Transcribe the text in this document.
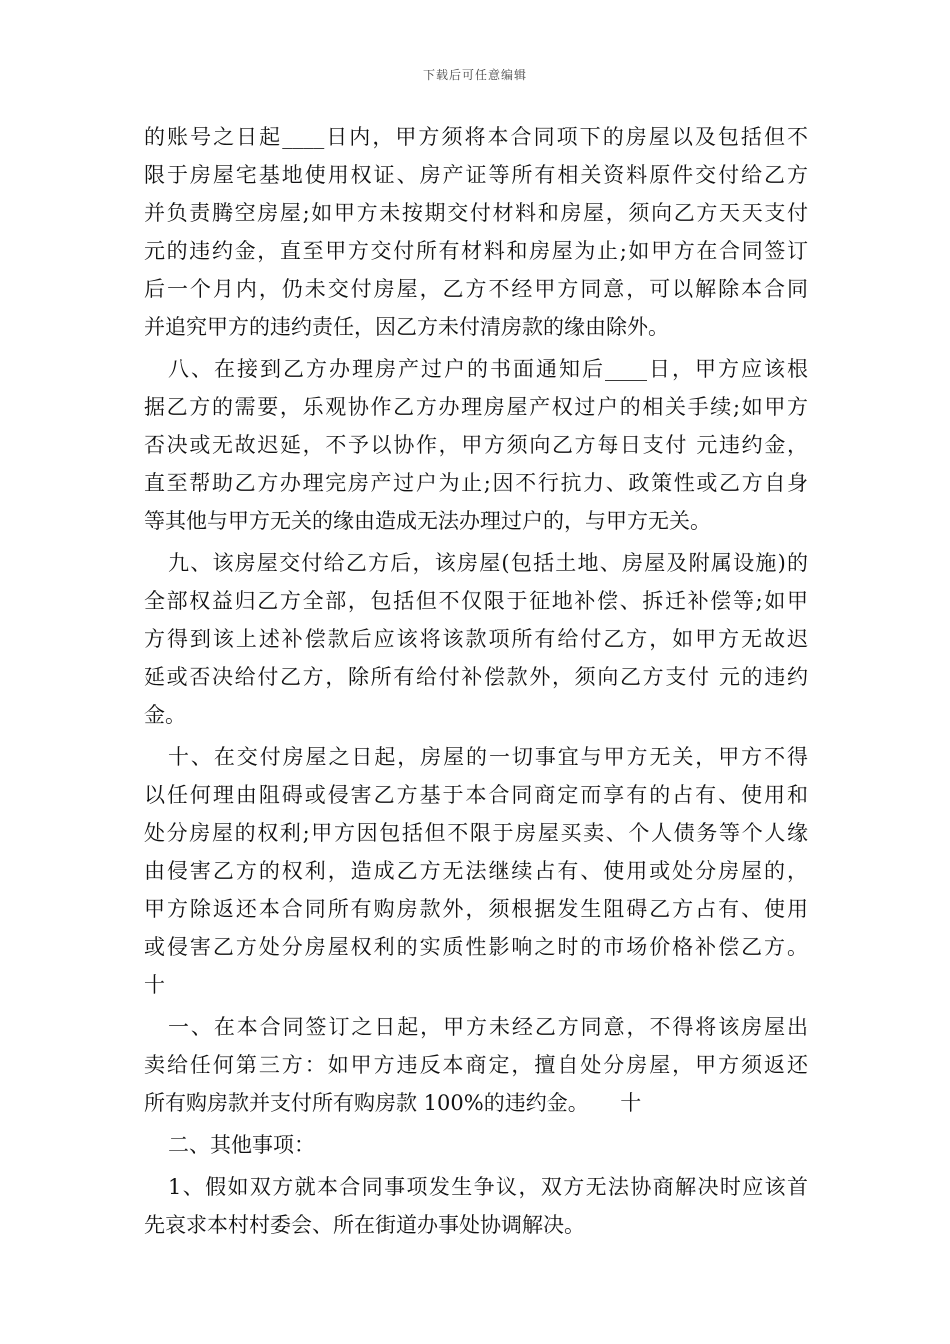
下载后可任意编辑
的账号之日起____日内，甲方须将本合同项下的房屋以及包括但不
限于房屋宅基地使用权证、房产证等所有相关资料原件交付给乙方
并负责腾空房屋;如甲方未按期交付材料和房屋，须向乙方天天支付
元的违约金，直至甲方交付所有材料和房屋为止;如甲方在合同签订
后一个月内，仍未交付房屋，乙方不经甲方同意，可以解除本合同
并追究甲方的违约责任，因乙方未付清房款的缘由除外。
八、在接到乙方办理房产过户的书面通知后____日，甲方应该根
据乙方的需要，乐观协作乙方办理房屋产权过户的相关手续;如甲方
否决或无故迟延，不予以协作，甲方须向乙方每日支付 元违约金，
直至帮助乙方办理完房产过户为止;因不行抗力、政策性或乙方自身
等其他与甲方无关的缘由造成无法办理过户的，与甲方无关。
九、该房屋交付给乙方后，该房屋(包括土地、房屋及附属设施)的
全部权益归乙方全部，包括但不仅限于征地补偿、拆迁补偿等;如甲
方得到该上述补偿款后应该将该款项所有给付乙方，如甲方无故迟
延或否决给付乙方，除所有给付补偿款外，须向乙方支付 元的违约
金。
十、在交付房屋之日起，房屋的一切事宜与甲方无关，甲方不得
以任何理由阻碍或侵害乙方基于本合同商定而享有的占有、使用和
处分房屋的权利;甲方因包括但不限于房屋买卖、个人债务等个人缘
由侵害乙方的权利，造成乙方无法继续占有、使用或处分房屋的，
甲方除返还本合同所有购房款外，须根据发生阻碍乙方占有、使用
或侵害乙方处分房屋权利的实质性影响之时的市场价格补偿乙方。
十
一、在本合同签订之日起，甲方未经乙方同意，不得将该房屋出
卖给任何第三方：如甲方违反本商定，擅自处分房屋，甲方须返还
所有购房款并支付所有购房款 100%的违约金。　　十
二、其他事项：
1、假如双方就本合同事项发生争议，双方无法协商解决时应该首
先哀求本村村委会、所在街道办事处协调解决。
